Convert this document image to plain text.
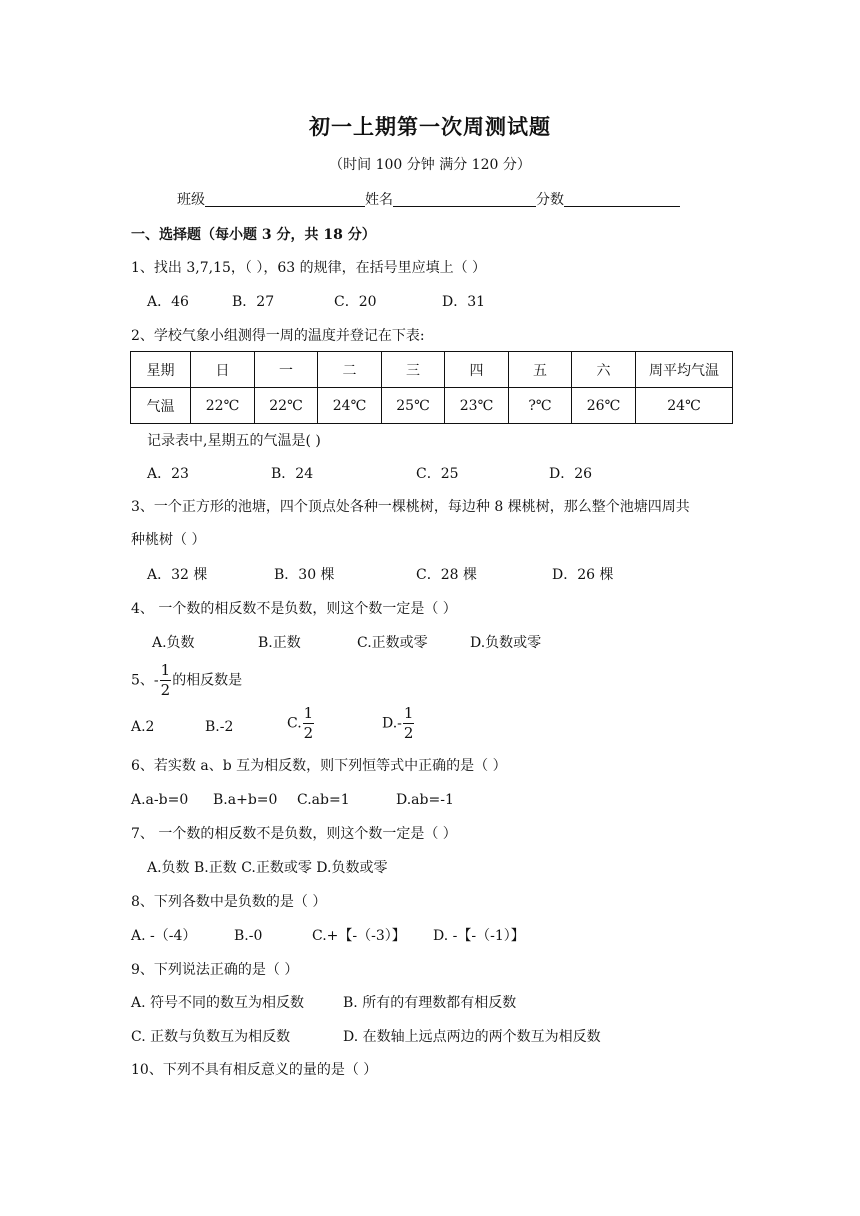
初一上期第一次周测试题
（时间 100 分钟 满分 120 分）
班级	姓名	分数
一、选择题（每小题 3 分，共 18 分）
1、找出 3,7,15，（ ），63 的规律，在括号里应填上（ ）
A．46	B．27	C．20	D．31
2、学校气象小组测得一周的温度并登记在下表:
星期	日	一	二	三	四	五	六	周平均气温
气温	22℃	22℃	24℃	25℃	23℃	?℃	26℃	24℃
记录表中,星期五的气温是( )
A．23	B．24	C．25	D．26
3、一个正方形的池塘，四个顶点处各种一棵桃树，每边种 8 棵桃树，那么整个池塘四周共
种桃树（ ）
A．32 棵	B．30 棵	C．28 棵	D．26 棵
4、 一个数的相反数不是负数，则这个数一定是（ ）
A.负数	B.正数	C.正数或零	D.负数或零
5、- $\frac{1}{2}$ 的相反数是
A.2	B.-2	C. $\frac{1}{2}$	$D.- \frac{1}{2}$
6、若实数 a、b 互为相反数，则下列恒等式中正确的是（ ）
A.a-b=0 B.a+b=0 C.ab=1	D.ab=-1
7、 一个数的相反数不是负数，则这个数一定是（ ）
A.负数 B.正数 C.正数或零 D.负数或零
8、下列各数中是负数的是（ ）
A. -（-4）	B.-0	C.+【-（-3）】 D. -【-（-1）】
9、下列说法正确的是（ ）
A. 符号不同的数互为相反数	B. 所有的有理数都有相反数
C. 正数与负数互为相反数	D. 在数轴上远点两边的两个数互为相反数
10、下列不具有相反意义的量的是（ ）
